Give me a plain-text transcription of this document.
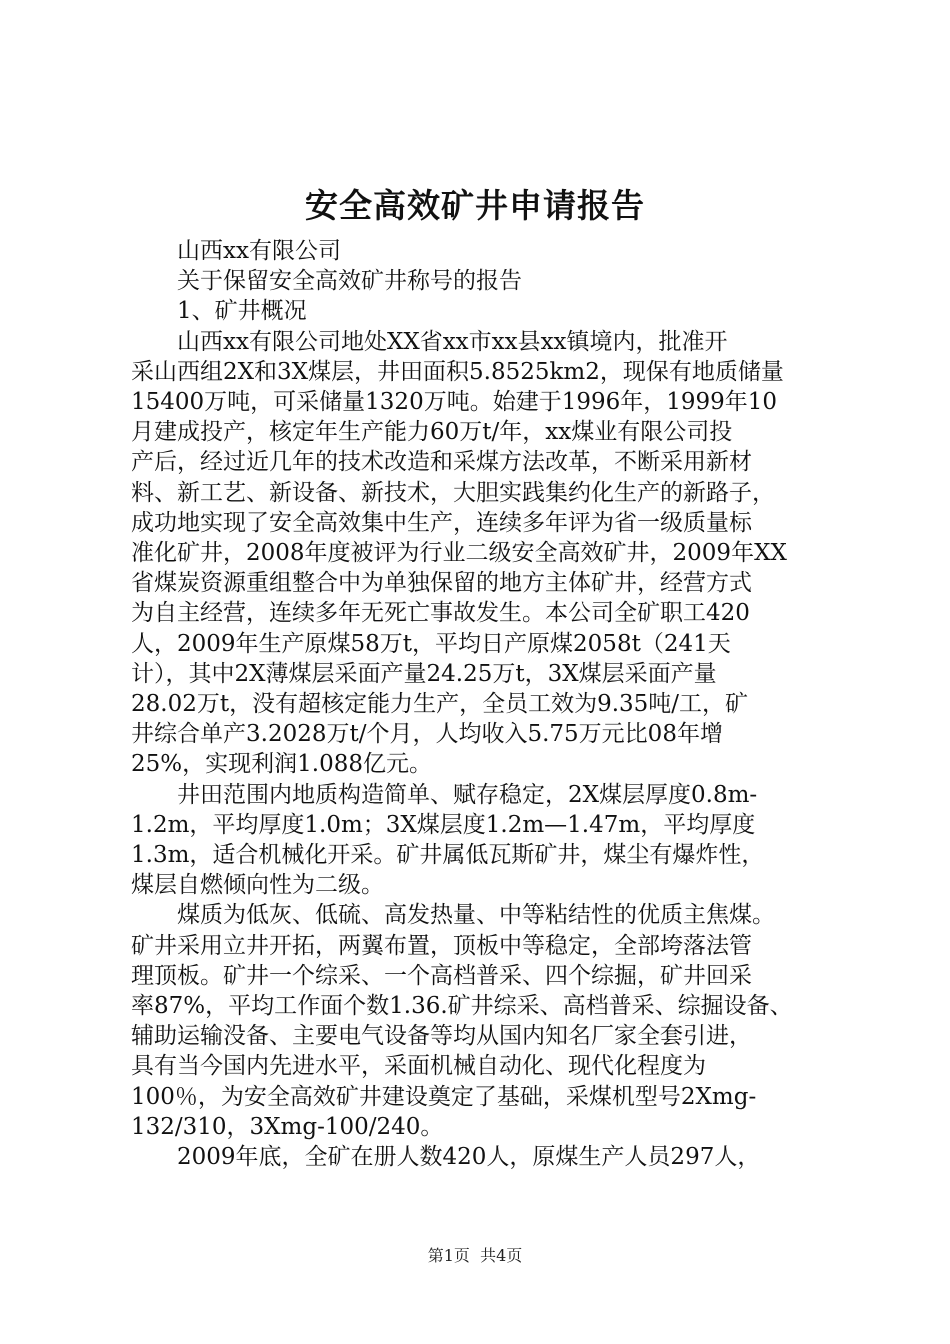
安全高效矿井申请报告

山西xx有限公司

关于保留安全高效矿井称号的报告

1、矿井概况

山西xx有限公司地处XX省xx市xx县xx镇境内，批准开

采山西组2X和3X煤层，井田面积5.8525km2，现保有地质储量

15400万吨，可采储量1320万吨。始建于1996年，1999年10

月建成投产，核定年生产能力60万t/年，xx煤业有限公司投

产后，经过近几年的技术改造和采煤方法改革，不断采用新材

料、新工艺、新设备、新技术，大胆实践集约化生产的新路子，

成功地实现了安全高效集中生产，连续多年评为省一级质量标

准化矿井，2008年度被评为行业二级安全高效矿井，2009年XX

省煤炭资源重组整合中为单独保留的地方主体矿井，经营方式

为自主经营，连续多年无死亡事故发生。本公司全矿职工420

人，2009年生产原煤58万t，平均日产原煤2058t（241天

计），其中2X薄煤层采面产量24.25万t，3X煤层采面产量

28.02万t，没有超核定能力生产，全员工效为9.35吨/工，矿

井综合单产3.2028万t/个月，人均收入5.75万元比08年增

25%，实现利润1.088亿元。

井田范围内地质构造简单、赋存稳定，2X煤层厚度0.8m-

1.2m，平均厚度1.0m；3X煤层度1.2m—1.47m，平均厚度

1.3m，适合机械化开采。矿井属低瓦斯矿井，煤尘有爆炸性，

煤层自燃倾向性为二级。

煤质为低灰、低硫、高发热量、中等粘结性的优质主焦煤。

矿井采用立井开拓，两翼布置，顶板中等稳定，全部垮落法管

理顶板。矿井一个综采、一个高档普采、四个综掘，矿井回采

率87%，平均工作面个数1.36.矿井综采、高档普采、综掘设备、

辅助运输没备、主要电气设备等均从国内知名厂家全套引进，

具有当今国内先进水平，采面机械自动化、现代化程度为

100％，为安全高效矿井建设奠定了基础，采煤机型号2Xmg-

132/310，3Xmg-100/240。

2009年底，全矿在册人数420人，原煤生产人员297人，

第1页  共4页
